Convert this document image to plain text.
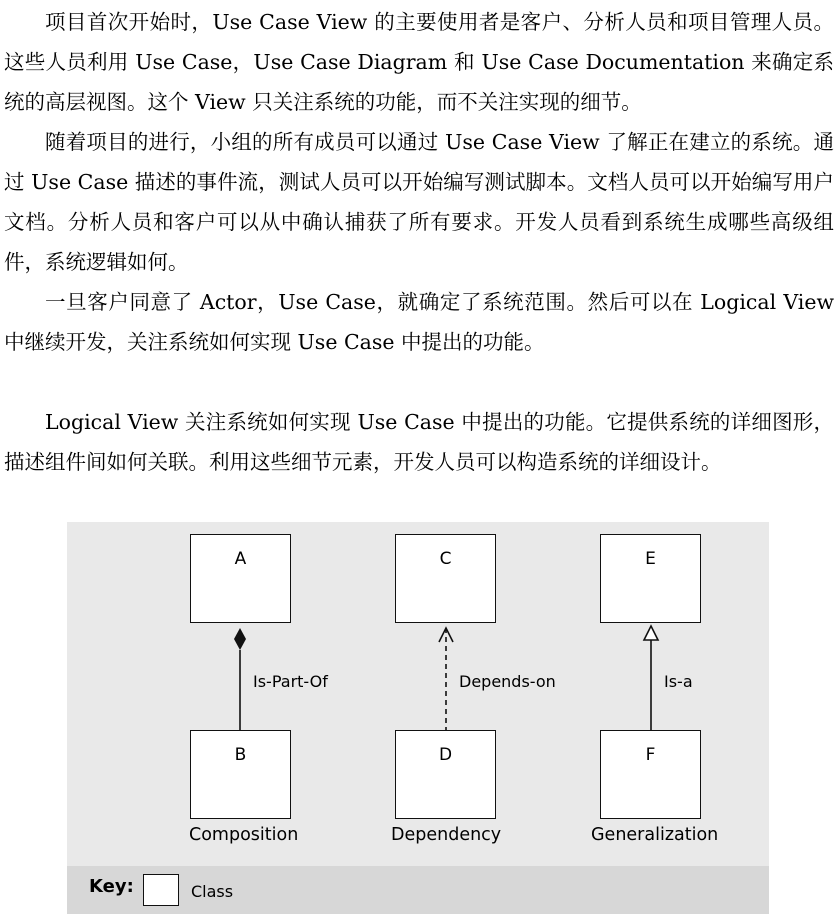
项目首次开始时，Use Case View 的主要使用者是客户、分析人员和项目管理人员。这些人员利用 Use Case，Use Case Diagram 和 Use Case Documentation 来确定系统的高层视图。这个 View 只关注系统的功能，而不关注实现的细节。

随着项目的进行，小组的所有成员可以通过 Use Case View 了解正在建立的系统。通过 Use Case 描述的事件流，测试人员可以开始编写测试脚本。文档人员可以开始编写用户文档。分析人员和客户可以从中确认捕获了所有要求。开发人员看到系统生成哪些高级组件，系统逻辑如何。

一旦客户同意了 Actor，Use Case，就确定了系统范围。然后可以在 Logical View 中继续开发，关注系统如何实现 Use Case 中提出的功能。

Logical View 关注系统如何实现 Use Case 中提出的功能。它提供系统的详细图形，描述组件间如何关联。利用这些细节元素，开发人员可以构造系统的详细设计。

A	C	E
B	D	F
Is-Part-Of	Depends-on	Is-a
Composition	Dependency	Generalization
Key:	Class
